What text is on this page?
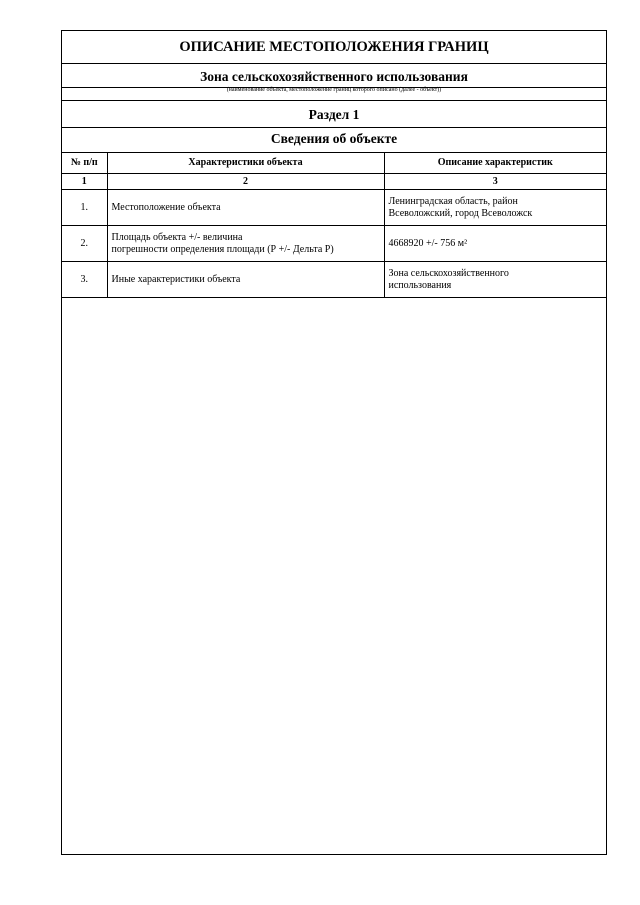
ОПИСАНИЕ МЕСТОПОЛОЖЕНИЯ ГРАНИЦ
Зона сельскохозяйственного использования
(наименование объекта, местоположение границ которого описано (далее - объект))
Раздел 1
Сведения об объекте
№ п/п	Характеристики объекта	Описание характеристик
1	2	3
1.	Местоположение объекта	Ленинградская область, район
Всеволожский, город Всеволожск

2.	Площадь объекта +/- величина
погрешности определения площади (Р +/- Дельта Р)	4668920 +/- 756 м²
3.	Иные характеристики объекта	Зона сельскохозяйственного
использования
